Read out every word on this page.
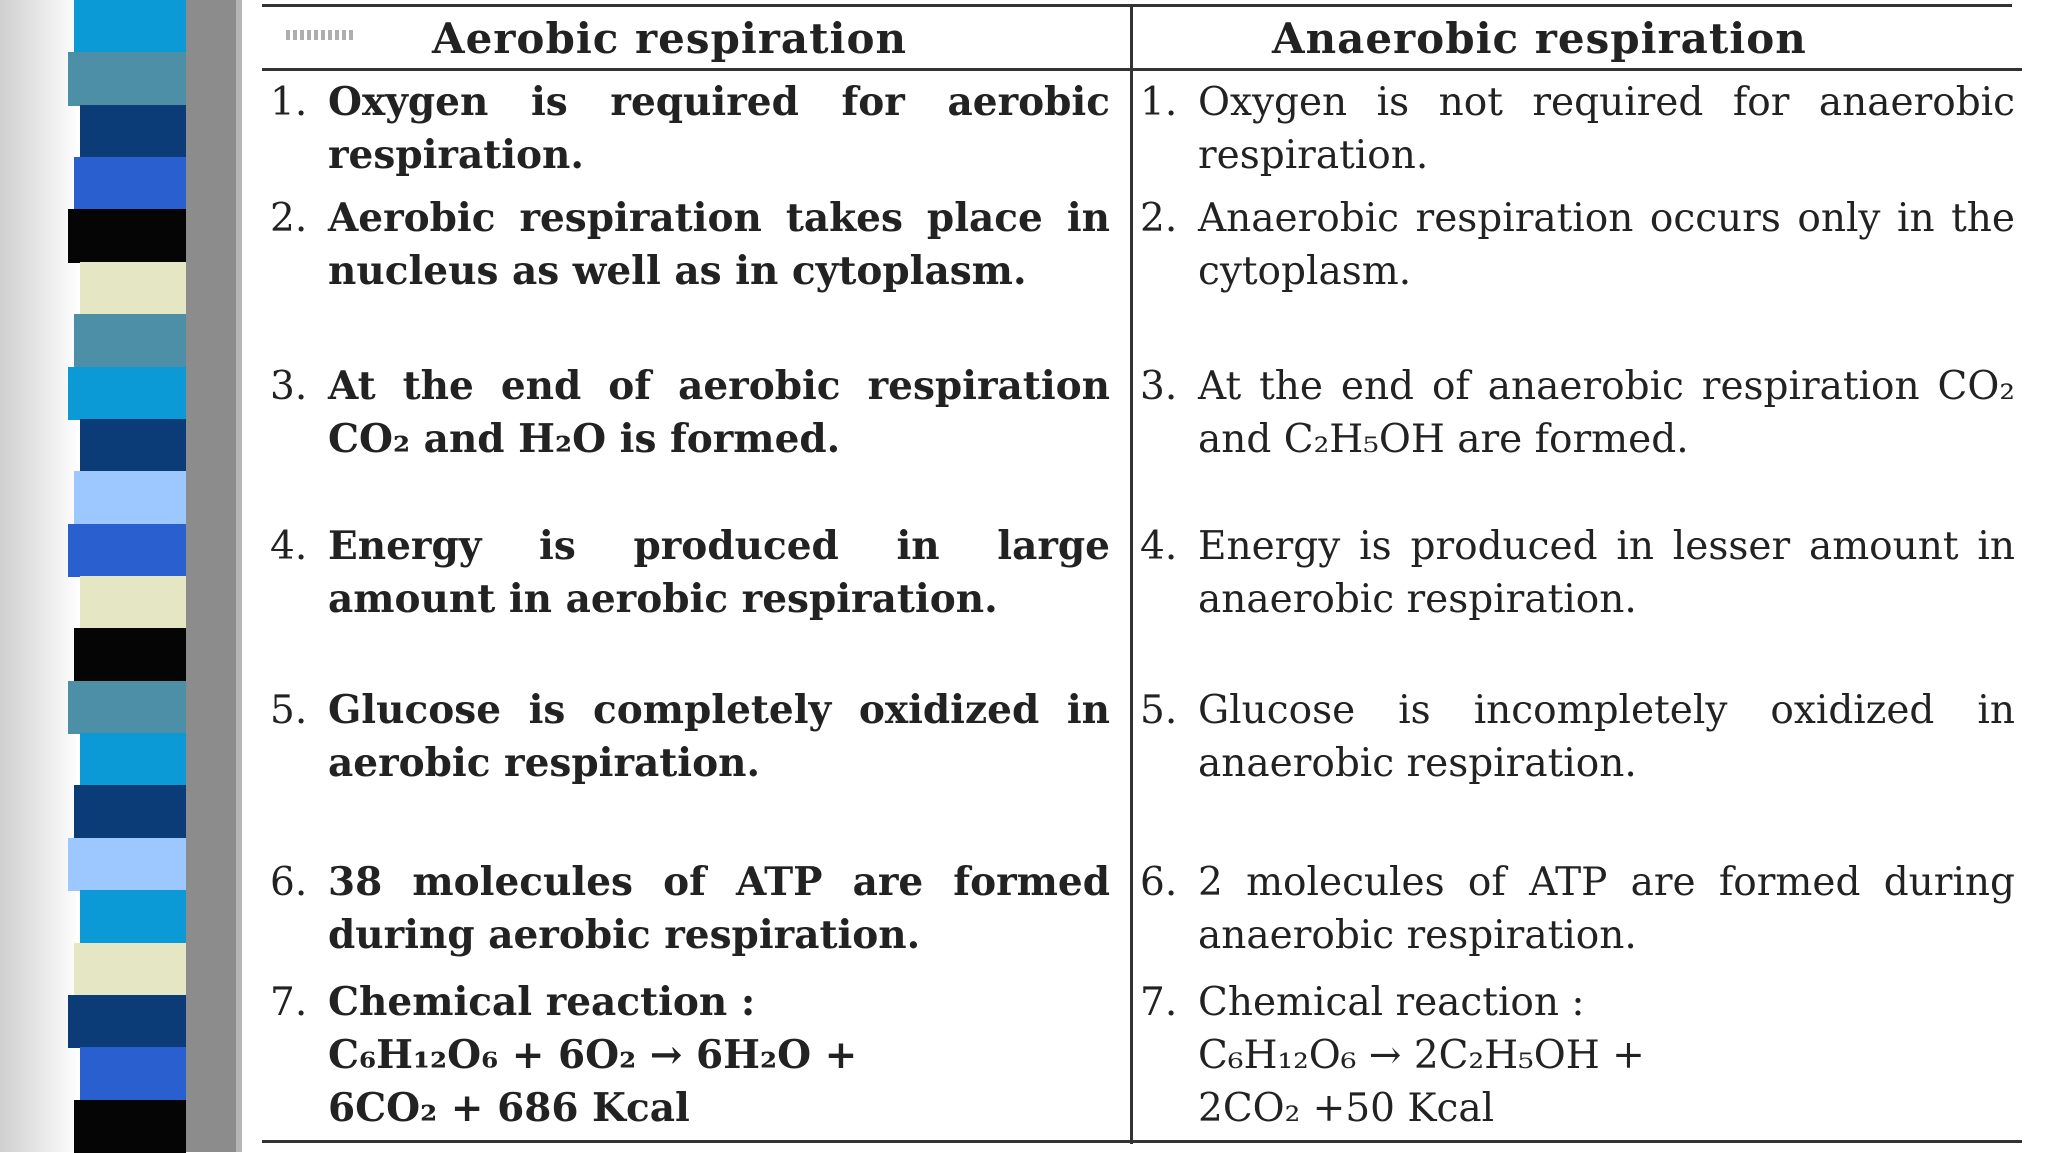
Aerobic respiration	Anaerobic respiration
1. Oxygen is required for aerobic respiration.
1. Oxygen is not required for anaerobic respiration.
2. Aerobic respiration takes place in nucleus as well as in cytoplasm.
2. Anaerobic respiration occurs only in the cytoplasm.
3. At the end of aerobic respiration CO₂ and H₂O is formed.
3. At the end of anaerobic respiration CO₂ and C₂H₅OH are formed.
4. Energy is produced in large amount in aerobic respiration.
4. Energy is produced in lesser amount in anaerobic respiration.
5. Glucose is completely oxidized in aerobic respiration.
5. Glucose is incompletely oxidized in anaerobic respiration.
6. 38 molecules of ATP are formed during aerobic respiration.
6. 2 molecules of ATP are formed during anaerobic respiration.
7. Chemical reaction :
C₆H₁₂O₆ + 6O₂ → 6H₂O +
6CO₂ + 686 Kcal
7. Chemical reaction :
C₆H₁₂O₆ → 2C₂H₅OH +
2CO₂ +50 Kcal
